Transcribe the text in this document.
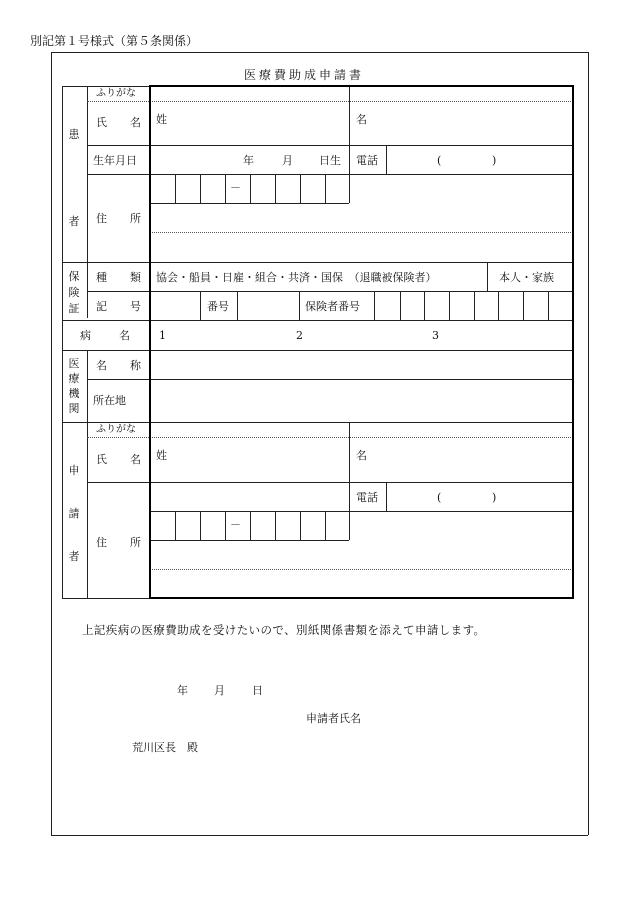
別記第１号様式（第５条関係）
医療費助成申請書
患
者
ふりがな
氏 名 姓	名
生年月日	年	月 日生 電話	(	)
－
住 所
保
険
証
種 類 協会・船員・日雇・組合・共済・国保　（退職被保険者）	本人・家族
記 号	番号	保険者番号
病	名	1	2	3
医
療
機
関
名 称
所在地
申
請
者
ふりがな
氏 名 姓	名
電話	(	)
－
住 所
上記疾病の医療費助成を受けたいので、別紙関係書類を添えて申請します。
年 月 日
申請者氏名
荒川区長　殿
